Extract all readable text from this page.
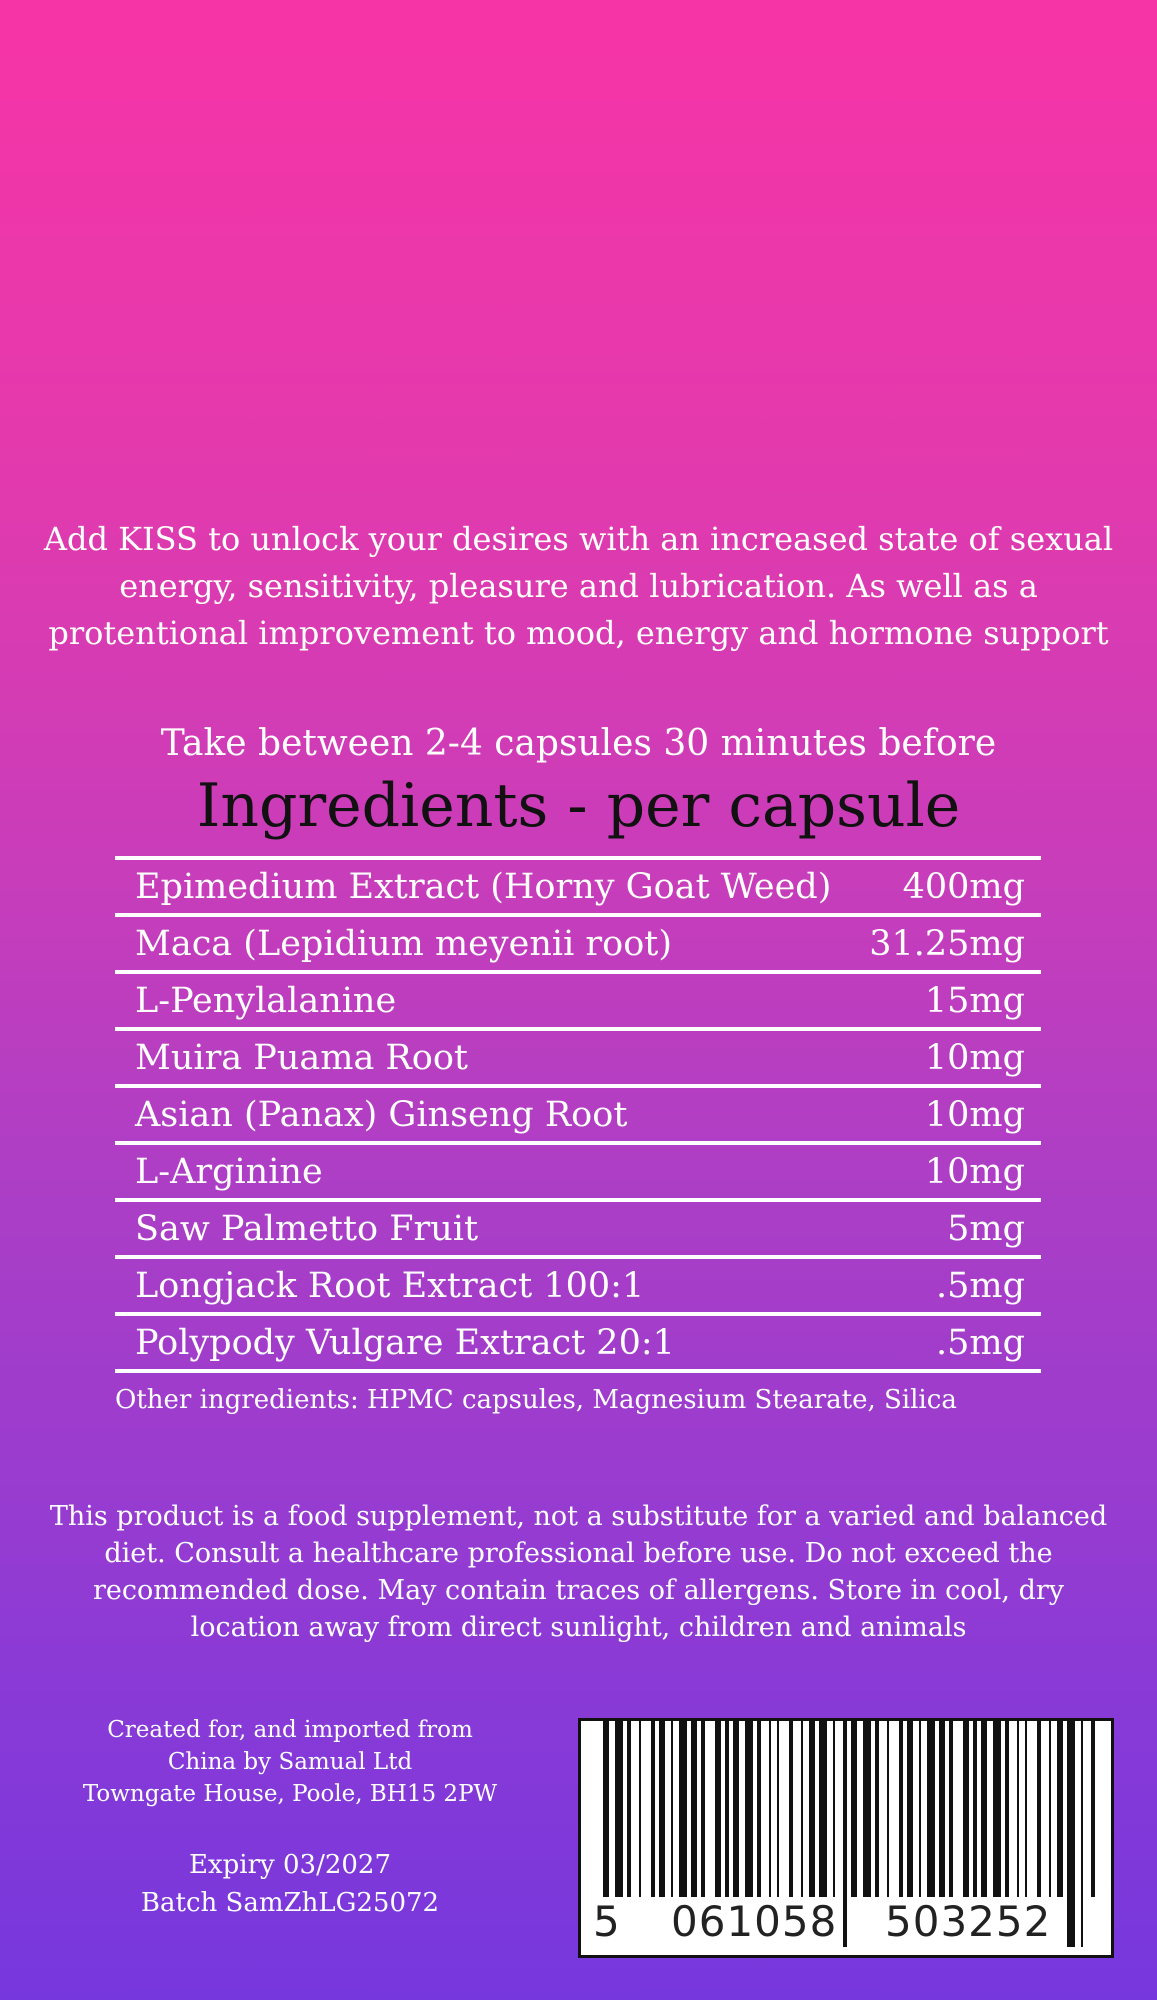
Add KISS to unlock your desires with an increased state of sexual energy, sensitivity, pleasure and lubrication. As well as a protentional improvement to mood, energy and hormone support
Take between 2-4 capsules 30 minutes before
Ingredients - per capsule
Epimedium Extract (Horny Goat Weed) 400mg
Maca (Lepidium meyenii root)	31.25mg
L-Penylalanine	15mg
Muira Puama Root	10mg
Asian (Panax) Ginseng Root	10mg
L-Arginine	10mg
Saw Palmetto Fruit	5mg
Longjack Root Extract 100:1	.5mg
Polypody Vulgare Extract 20:1	.5mg
Other ingredients: HPMC capsules, Magnesium Stearate, Silica
This product is a food supplement, not a substitute for a varied and balanced diet. Consult a healthcare professional before use. Do not exceed the recommended dose. May contain traces of allergens. Store in cool, dry location away from direct sunlight, children and animals
Created for, and imported from
China by Samual Ltd
Towngate House, Poole, BH15 2PW
Expiry 03/2027
Batch SamZhLG25072	5 061058 503252
